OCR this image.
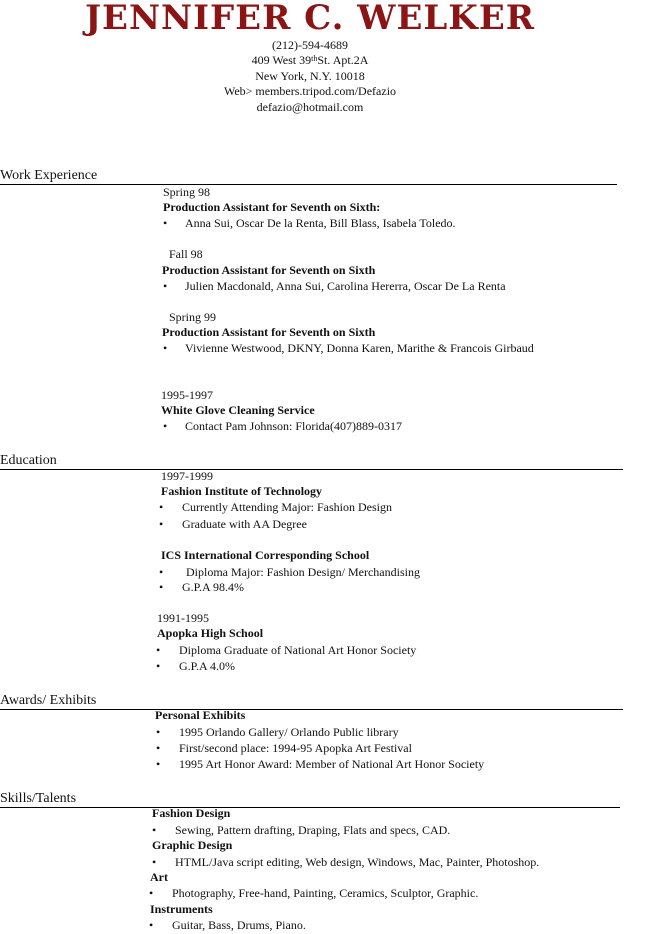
JENNIFER C. WELKER
(212)-594-4689
409 West 39thSt. Apt.2A
New York, N.Y. 10018
Web> members.tripod.com/Defazio
defazio@hotmail.com
Work Experience
Spring 98
Production Assistant for Seventh on Sixth:
• Anna Sui, Oscar De la Renta, Bill Blass, Isabela Toledo.
Fall 98
Production Assistant for Seventh on Sixth
• Julien Macdonald, Anna Sui, Carolina Hererra, Oscar De La Renta
Spring 99
Production Assistant for Seventh on Sixth
• Vivienne Westwood, DKNY, Donna Karen, Marithe & Francois Girbaud
1995-1997
White Glove Cleaning Service
• Contact Pam Johnson: Florida(407)889-0317
Education
1997-1999
Fashion Institute of Technology
• Currently Attending Major: Fashion Design
• Graduate with AA Degree
ICS International Corresponding School
• Diploma Major: Fashion Design/ Merchandising
• G.P.A 98.4%
1991-1995
Apopka High School
• Diploma Graduate of National Art Honor Society
• G.P.A 4.0%
Awards/ Exhibits
Personal Exhibits
• 1995 Orlando Gallery/ Orlando Public library
• First/second place: 1994-95 Apopka Art Festival
• 1995 Art Honor Award: Member of National Art Honor Society
Skills/Talents
Fashion Design
• Sewing, Pattern drafting, Draping, Flats and specs, CAD.
Graphic Design
• HTML/Java script editing, Web design, Windows, Mac, Painter, Photoshop.
Art
• Photography, Free-hand, Painting, Ceramics, Sculptor, Graphic.
Instruments
• Guitar, Bass, Drums, Piano.
